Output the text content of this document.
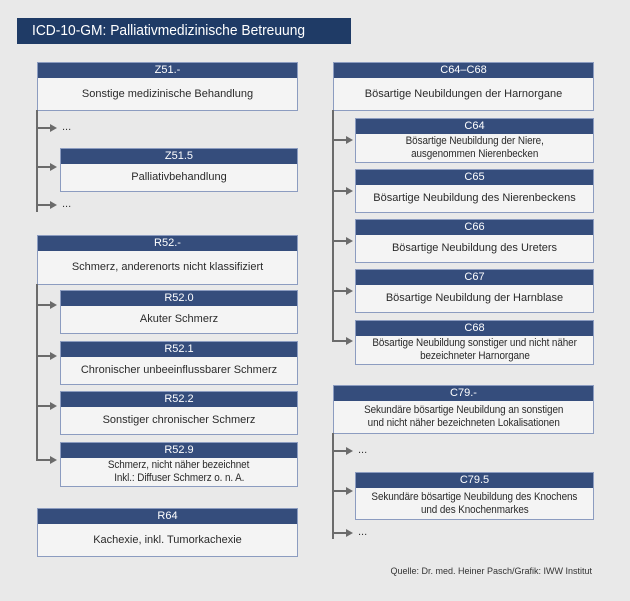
ICD-10-GM: Palliativmedizinische Betreuung
Z51.-
Sonstige medizinische Behandlung
...
Z51.5
Palliativbehandlung
...
R52.-
Schmerz, anderenorts nicht klassifiziert
R52.0
Akuter Schmerz
R52.1
Chronischer unbeeinflussbarer Schmerz
R52.2
Sonstiger chronischer Schmerz
R52.9
Schmerz, nicht näher bezeichnet
Inkl.: Diffuser Schmerz o. n. A.
R64
Kachexie, inkl. Tumorkachexie
C64–C68
Bösartige Neubildungen der Harnorgane
C64
Bösartige Neubildung der Niere,
ausgenommen Nierenbecken
C65
Bösartige Neubildung des Nierenbeckens
C66
Bösartige Neubildung des Ureters
C67
Bösartige Neubildung der Harnblase
C68
Bösartige Neubildung sonstiger und nicht näher
bezeichneter Harnorgane
C79.-
Sekundäre bösartige Neubildung an sonstigen
und nicht näher bezeichneten Lokalisationen
...
C79.5
Sekundäre bösartige Neubildung des Knochens
und des Knochenmarkes
...
Quelle: Dr. med. Heiner Pasch/Grafik: IWW Institut
